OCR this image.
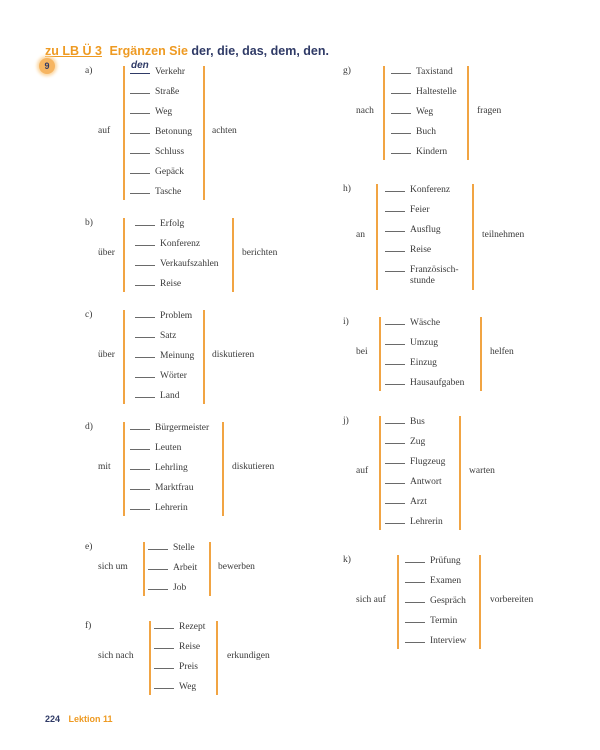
zu LB Ü 3 Ergänzen Sie der, die, das, dem, den.
9	a)
auf
den
Verkehr
Straße
Weg
Betonung
Schluss
Gepäck
Tasche
achten
b)
über
Erfolg
Konferenz
Verkaufszahlen
Reise
berichten
c)
über
Problem
Satz
Meinung
Wörter
Land
diskutieren
d)
mit
Bürgermeister
Leuten
Lehrling
Marktfrau
Lehrerin
diskutieren
e)
sich um
Stelle
Arbeit
Job
bewerben
f)
sich nach
Rezept
Reise
Preis
Weg
erkundigen
g)
nach
Taxistand
Haltestelle
Weg
Buch
Kindern
fragen
h)
an
Konferenz
Feier
Ausflug
Reise
Französisch-
stunde
teilnehmen
i)
bei
Wäsche
Umzug
Einzug
Hausaufgaben
helfen
j)
auf
Bus
Zug
Flugzeug
Antwort
Arzt
Lehrerin
warten
k)
sich auf
Prüfung
Examen
Gespräch
Termin
Interview
vorbereiten
224 Lektion 11
